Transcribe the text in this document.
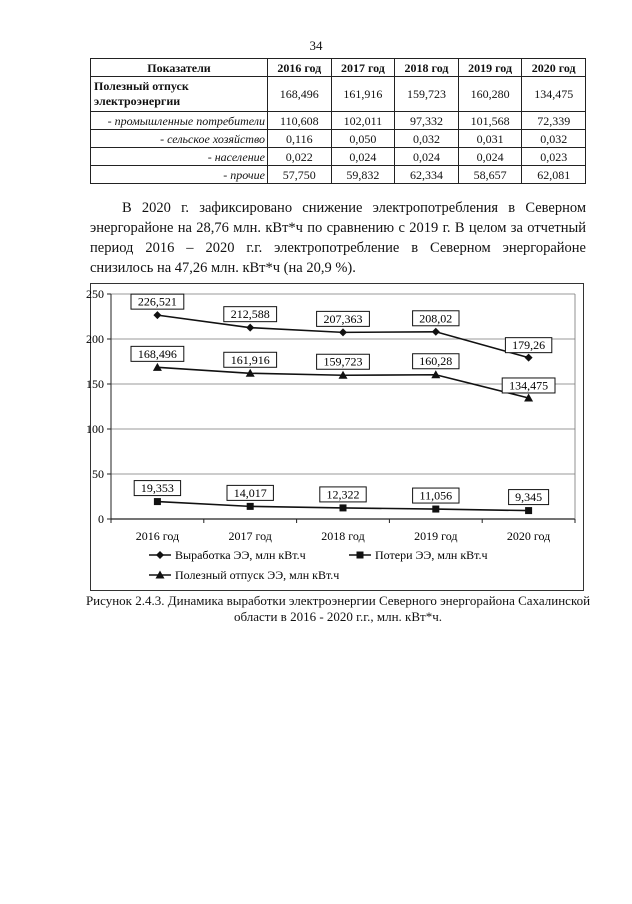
34
Показатели	2016 год	2017 год	2018 год	2019 год	2020 год
Полезный отпуск электроэнергии	168,496	161,916	159,723	160,280	134,475
- промышленные потребители	110,608	102,011	97,332	101,568	72,339
- сельское хозяйство	0,116	0,050	0,032	0,031	0,032
- население	0,022	0,024	0,024	0,024	0,023
- прочие	57,750	59,832	62,334	58,657	62,081

В 2020 г. зафиксировано снижение электропотребления в Северном энергорайоне на 28,76 млн. кВт*ч по сравнению с 2019 г. В целом за отчетный период 2016 – 2020 г.г. электропотребление в Северном энергорайоне снизилось на 47,26 млн. кВт*ч (на 20,9 %).

0
50
100
150
200
250
2016 год	2017 год	2018 год	2019 год	2020 год
226,521
212,588	207,363	208,02
179,26
19,353	14,017	12,322	11,056	9,345
168,496	161,916	159,723	160,28
134,475
Выработка ЭЭ, млн кВт.ч	Потери ЭЭ, млн кВт.ч
Полезный отпуск ЭЭ, млн кВт.ч
Рисунок 2.4.3. Динамика выработки электроэнергии Северного энергорайона Сахалинской области в 2016 - 2020 г.г., млн. кВт*ч.
